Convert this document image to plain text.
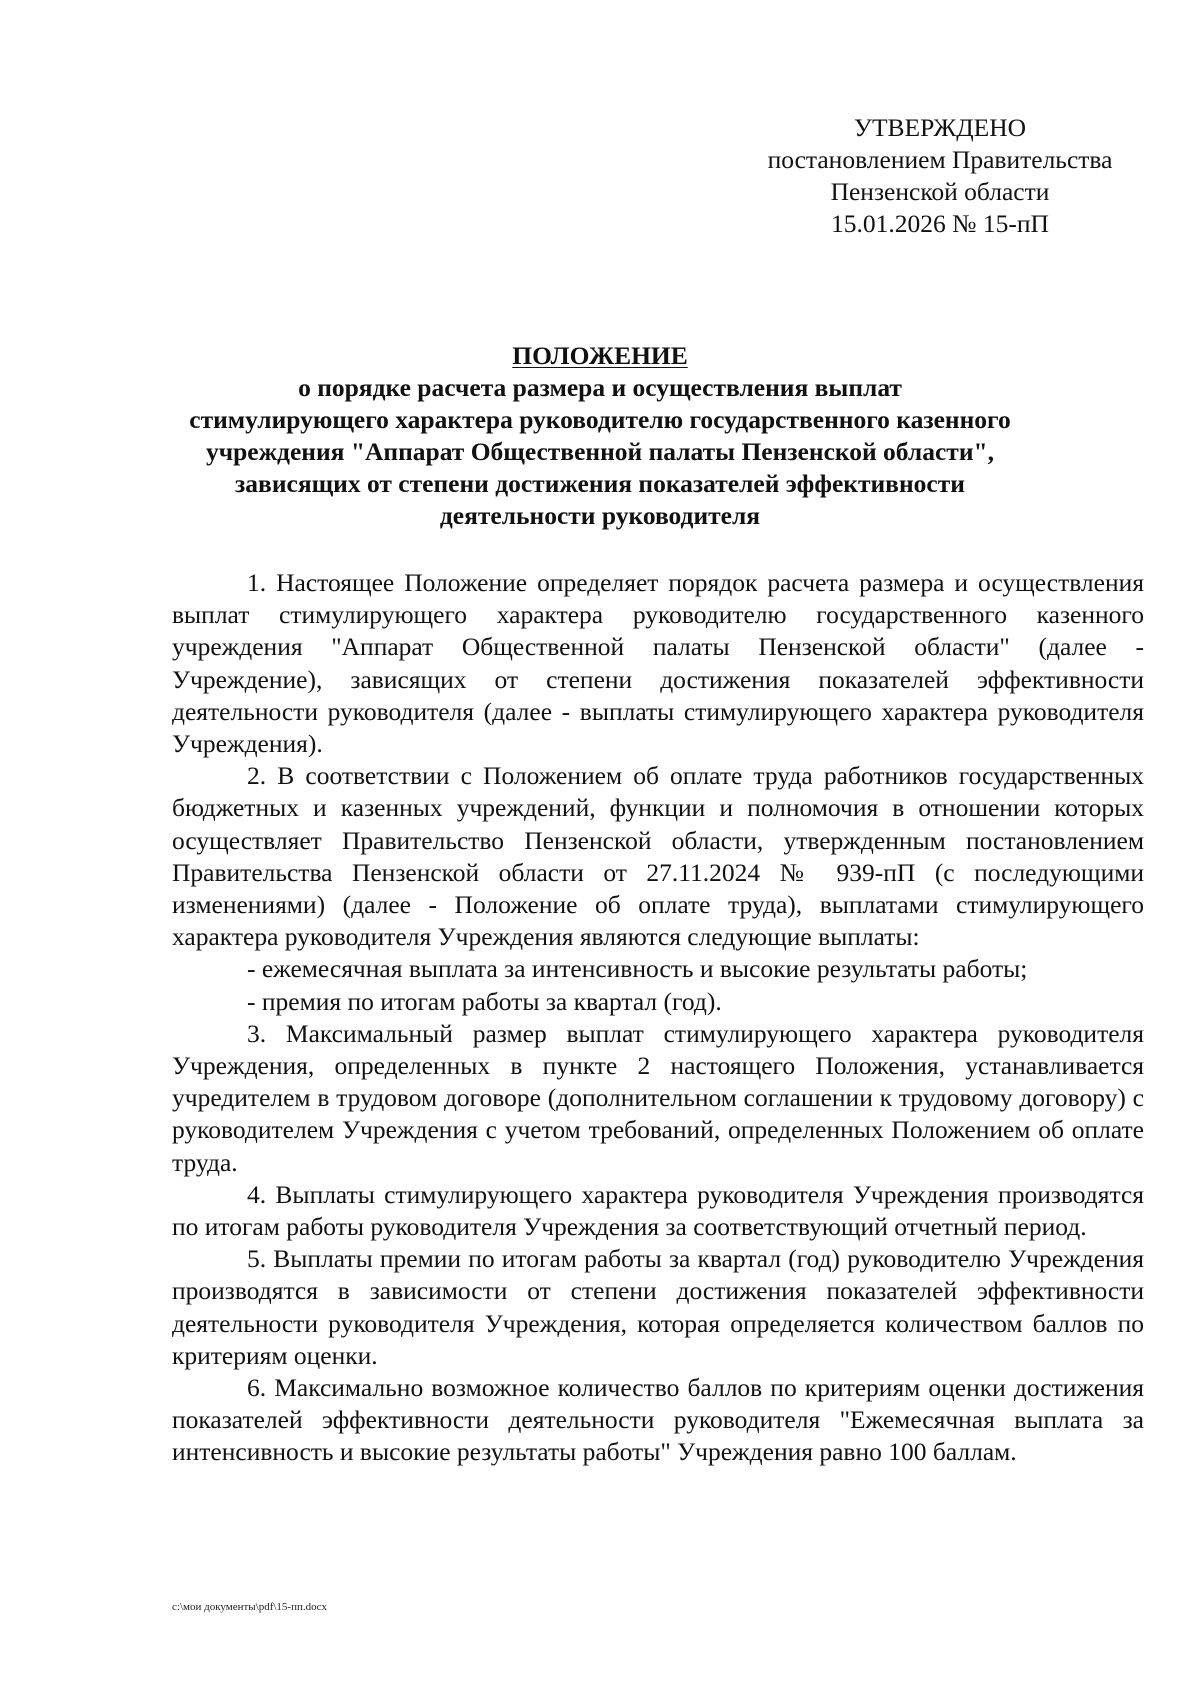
УТВЕРЖДЕНО
постановлением Правительства
Пензенской области
15.01.2026 № 15-пП
ПОЛОЖЕНИЕ
о порядке расчета размера и осуществления выплат
стимулирующего характера руководителю государственного казенного
учреждения "Аппарат Общественной палаты Пензенской области",
зависящих от степени достижения показателей эффективности
деятельности руководителя

1. Настоящее Положение определяет порядок расчета размера и осуществления выплат стимулирующего характера руководителю государственного казенного учреждения "Аппарат Общественной палаты Пензенской области" (далее - Учреждение), зависящих от степени достижения показателей эффективности деятельности руководителя (далее - выплаты стимулирующего характера руководителя Учреждения).

2. В соответствии с Положением об оплате труда работников государственных бюджетных и казенных учреждений, функции и полномочия в отношении которых осуществляет Правительство Пензенской области, утвержденным постановлением Правительства Пензенской области от 27.11.2024 № 939-пП (с последующими изменениями) (далее - Положение об оплате труда), выплатами стимулирующего характера руководителя Учреждения являются следующие выплаты:

- ежемесячная выплата за интенсивность и высокие результаты работы;

- премия по итогам работы за квартал (год).

3. Максимальный размер выплат стимулирующего характера руководителя Учреждения, определенных в пункте 2 настоящего Положения, устанавливается учредителем в трудовом договоре (дополнительном соглашении к трудовому договору) с руководителем Учреждения с учетом требований, определенных Положением об оплате труда.

4. Выплаты стимулирующего характера руководителя Учреждения производятся по итогам работы руководителя Учреждения за соответствующий отчетный период.

5. Выплаты премии по итогам работы за квартал (год) руководителю Учреждения производятся в зависимости от степени достижения показателей эффективности деятельности руководителя Учреждения, которая определяется количеством баллов по критериям оценки.

6. Максимально возможное количество баллов по критериям оценки достижения показателей эффективности деятельности руководителя "Ежемесячная выплата за интенсивность и высокие результаты работы" Учреждения равно 100 баллам.

c:\мои документы\pdf\15-пп.docx
